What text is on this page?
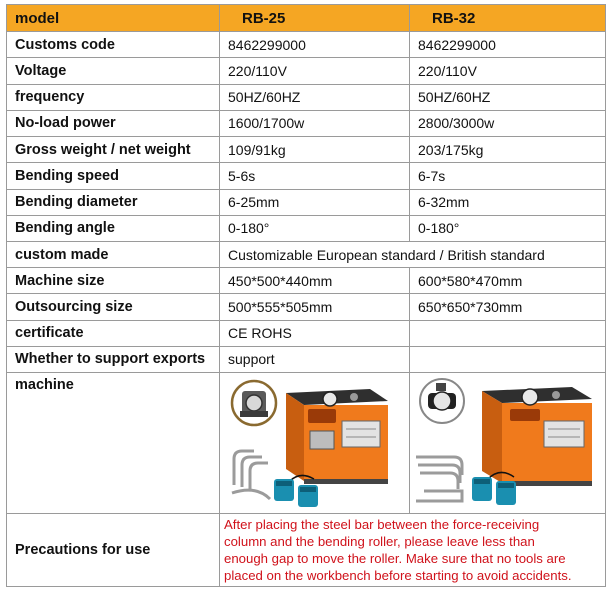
model	RB-25	RB-32
Customs code	8462299000	8462299000
Voltage	220/110V	220/110V
frequency	50HZ/60HZ	50HZ/60HZ
No-load power	1600/1700w	2800/3000w
Gross weight / net weight	109/91kg	203/175kg
Bending speed	5-6s	6-7s
Bending diameter	6-25mm	6-32mm
Bending angle	0-180°	0-180°
custom made	Customizable European standard / British standard	
Machine size	450*500*440mm	600*580*470mm
Outsourcing size	500*555*505mm	650*650*730mm
certificate	CE ROHS	
Whether to support exports	support	
machine	

Precautions for use	After placing the steel bar between the force-receiving
column and the bending roller, please leave less than
enough gap to move the roller. Make sure that no tools are
placed on the workbench before starting to avoid accidents.	
